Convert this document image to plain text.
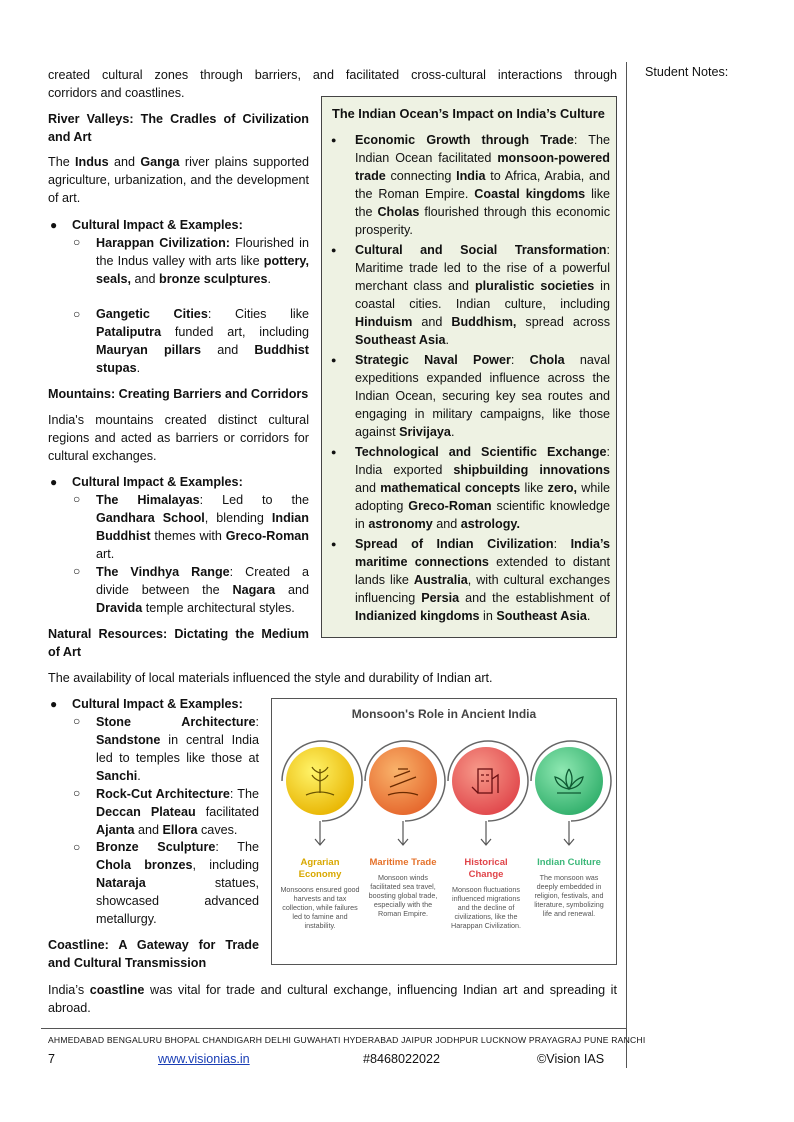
created cultural zones through barriers, and facilitated cross-cultural interactions through

corridors and coastlines.

Student Notes:
River Valleys: The Cradles of Civilization and Art
The Indus and Ganga river plains supported agriculture, urbanization, and the development of art.
● Cultural Impact & Examples:
○ Harappan Civilization: Flourished in the Indus valley with arts like pottery, seals, and bronze sculptures.
○ Gangetic Cities: Cities like Pataliputra funded art, including Mauryan pillars and Buddhist stupas.
Mountains: Creating Barriers and Corridors
India's mountains created distinct cultural regions and acted as barriers or corridors for cultural exchanges.
● Cultural Impact & Examples:
○ The Himalayas: Led to the Gandhara School, blending Indian Buddhist themes with Greco-Roman art.
○ The Vindhya Range: Created a divide between the Nagara and Dravida temple architectural styles.
Natural Resources: Dictating the Medium of Art
The availability of local materials influenced the style and durability of Indian art.
● Cultural Impact & Examples:
○ Stone Architecture: Sandstone in central India led to temples like those at Sanchi.
○ Rock-Cut Architecture: The Deccan Plateau facilitated Ajanta and Ellora caves.
○ Bronze Sculpture: The Chola bronzes, including Nataraja statues, showcased advanced metallurgy.
Coastline: A Gateway for Trade and Cultural Transmission
India’s coastline was vital for trade and cultural exchange, influencing Indian art and spreading it abroad.
The Indian Ocean’s Impact on India’s Culture
● Economic Growth through Trade: The Indian Ocean facilitated monsoon-powered trade connecting India to Africa, Arabia, and the Roman Empire. Coastal kingdoms like the Cholas flourished through this economic prosperity.
● Cultural and Social Transformation: Maritime trade led to the rise of a powerful merchant class and pluralistic societies in coastal cities. Indian culture, including Hinduism and Buddhism, spread across Southeast Asia.
● Strategic Naval Power: Chola naval expeditions expanded influence across the Indian Ocean, securing key sea routes and engaging in military campaigns, like those against Srivijaya.
● Technological and Scientific Exchange: India exported shipbuilding innovations and mathematical concepts like zero, while adopting Greco-Roman scientific knowledge in astronomy and astrology.
● Spread of Indian Civilization: India’s maritime connections extended to distant lands like Australia, with cultural exchanges influencing Persia and the establishment of Indianized kingdoms in Southeast Asia.
Monsoon's Role in Ancient India
Agrarian Economy
Monsoons ensured good harvests and tax collection, while failures led to famine and instability.
Maritime Trade
Monsoon winds facilitated sea travel, boosting global trade, especially with the Roman Empire.
Historical Change
Monsoon fluctuations influenced migrations and the decline of civilizations, like the Harappan Civilization.
Indian Culture
The monsoon was deeply embedded in religion, festivals, and literature, symbolizing life and renewal.
AHMEDABAD BENGALURU BHOPAL CHANDIGARH DELHI GUWAHATI HYDERABAD JAIPUR JODHPUR LUCKNOW PRAYAGRAJ PUNE RANCHI
7	www.visionias.in	#8468022022	©Vision IAS
